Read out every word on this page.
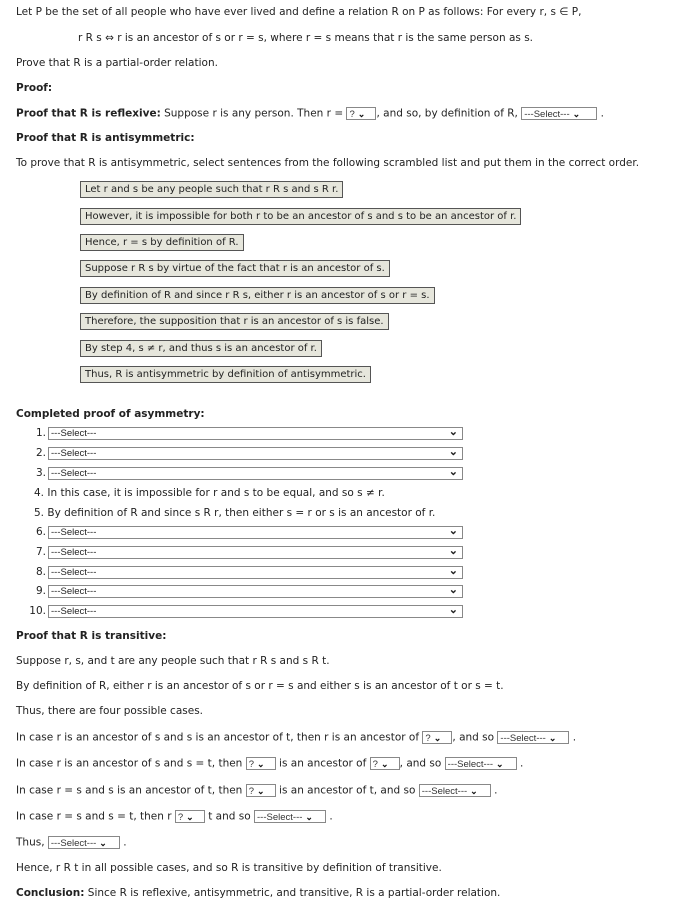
Let P be the set of all people who have ever lived and define a relation R on P as follows: For every r, s ∈ P,
r R s ⇔ r is an ancestor of s or r = s, where r = s means that r is the same person as s.
Prove that R is a partial-order relation.
Proof:
Proof that R is reflexive: Suppose r is any person. Then r = ? ⌄ , and so, by definition of R, ---Select--- ⌄ .
Proof that R is antisymmetric:
To prove that R is antisymmetric, select sentences from the following scrambled list and put them in the correct order.
Let r and s be any people such that r R s and s R r.
However, it is impossible for both r to be an ancestor of s and s to be an ancestor of r.
Hence, r = s by definition of R.
Suppose r R s by virtue of the fact that r is an ancestor of s.
By definition of R and since r R s, either r is an ancestor of s or r = s.
Therefore, the supposition that r is an ancestor of s is false.
By step 4, s ≠ r, and thus s is an ancestor of r.
Thus, R is antisymmetric by definition of antisymmetric.
Completed proof of asymmetry:
1. ---Select---	⌄
2. ---Select---	⌄
3. ---Select---	⌄
4. In this case, it is impossible for r and s to be equal, and so s ≠ r.
5. By definition of R and since s R r, then either s = r or s is an ancestor of r.
6. ---Select---	⌄
7. ---Select---	⌄
8. ---Select---	⌄
9. ---Select---	⌄
10. ---Select---	⌄
Proof that R is transitive:
Suppose r, s, and t are any people such that r R s and s R t.
By definition of R, either r is an ancestor of s or r = s and either s is an ancestor of t or s = t.
Thus, there are four possible cases.
In case r is an ancestor of s and s is an ancestor of t, then r is an ancestor of ? ⌄ , and so ---Select--- ⌄ .
In case r is an ancestor of s and s = t, then ? ⌄ is an ancestor of ? ⌄ , and so ---Select--- ⌄ .
In case r = s and s is an ancestor of t, then ? ⌄ is an ancestor of t, and so ---Select--- ⌄ .
In case r = s and s = t, then r ? ⌄ t and so ---Select--- ⌄ .
Thus, ---Select--- ⌄ .
Hence, r R t in all possible cases, and so R is transitive by definition of transitive.
Conclusion: Since R is reflexive, antisymmetric, and transitive, R is a partial-order relation.
